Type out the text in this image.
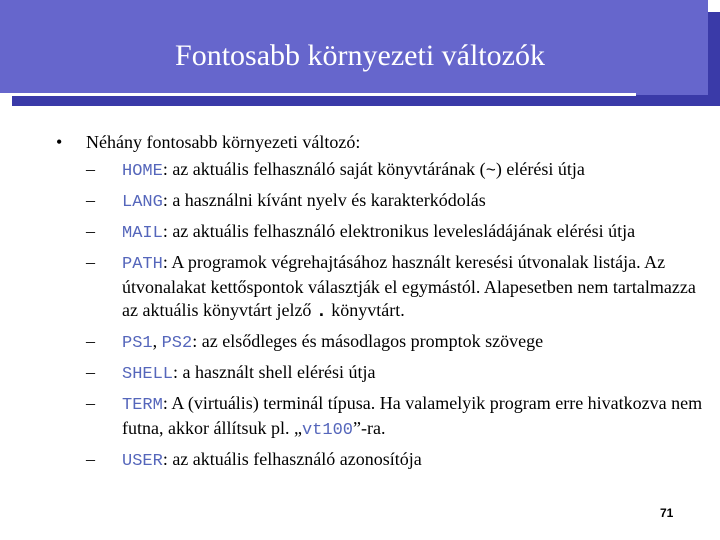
Fontosabb környezeti változók
•	Néhány fontosabb környezeti változó:
–	HOME: az aktuális felhasználó saját könyvtárának (~) elérési útja
–	LANG: a használni kívánt nyelv és karakterkódolás
–	MAIL: az aktuális felhasználó elektronikus levelesládájának elérési útja
–	PATH: A programok végrehajtásához használt keresési útvonalak listája. Az útvonalakat kettőspontok választják el egymástól. Alapesetben nem tartalmazza az aktuális könyvtárt jelző . könyvtárt.
–	PS1, PS2: az elsődleges és másodlagos promptok szövege
–	SHELL: a használt shell elérési útja
–	TERM: A (virtuális) terminál típusa. Ha valamelyik program erre hivatkozva nem futna, akkor állítsuk pl. „vt100”-ra.
–	USER: az aktuális felhasználó azonosítója
71
